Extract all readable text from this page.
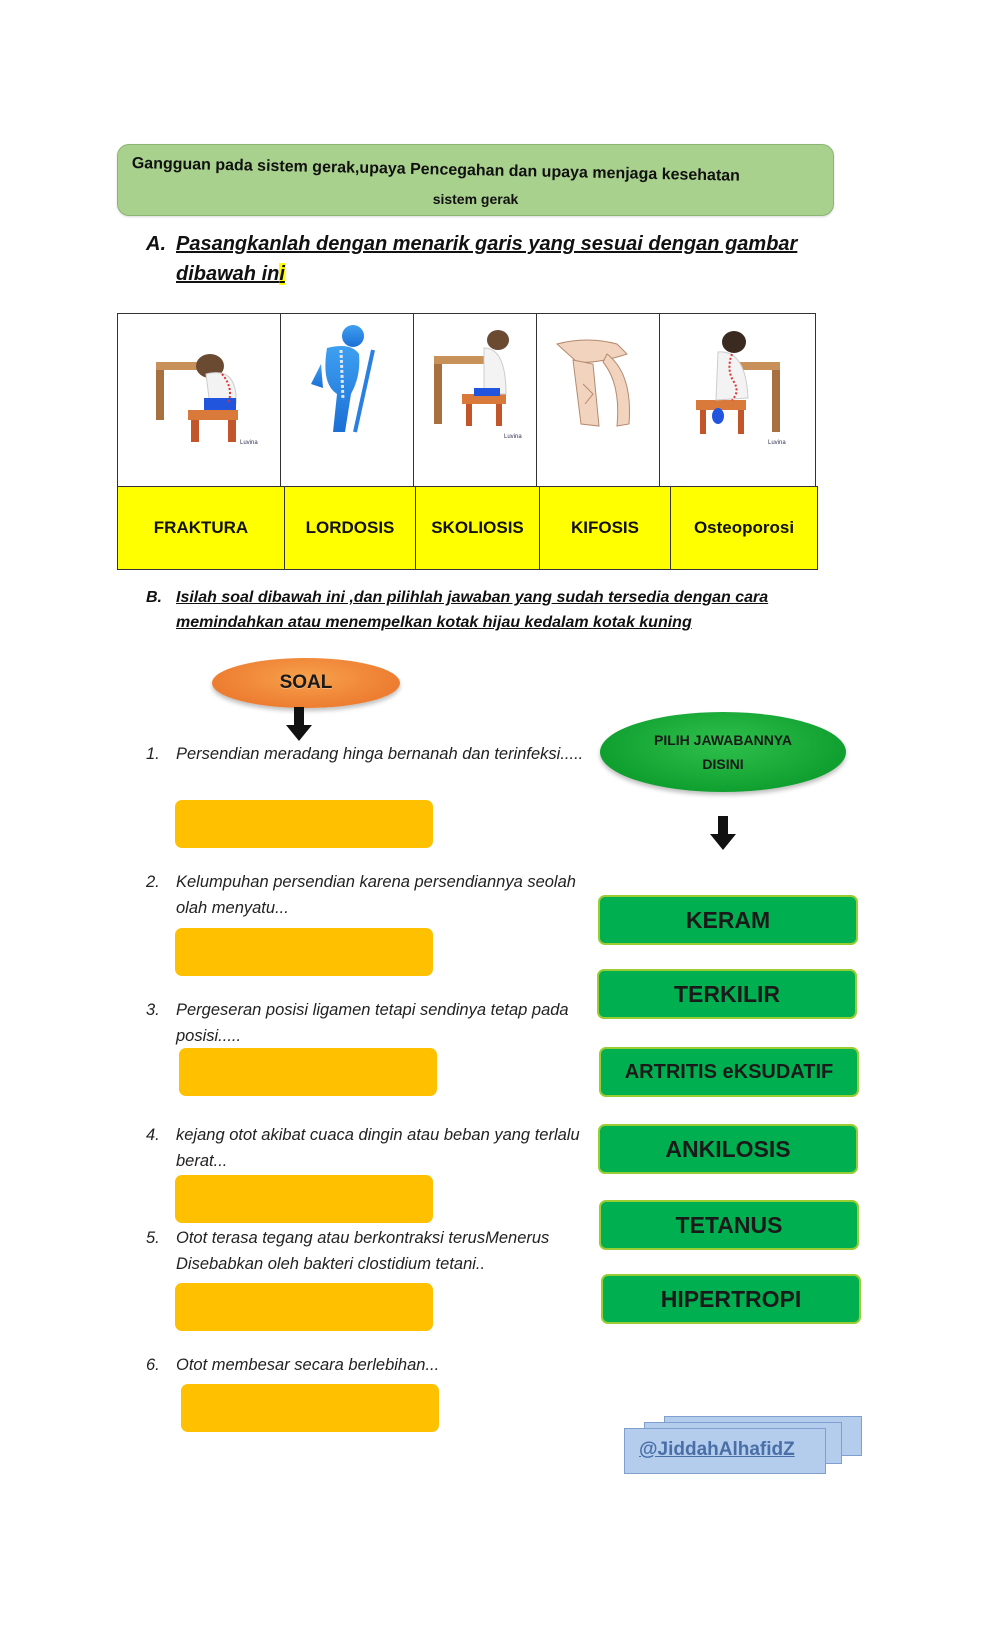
Gangguan pada sistem gerak,upaya Pencegahan dan upaya menjaga kesehatan
sistem gerak
A. Pasangkanlah dengan menarik garis yang sesuai dengan gambar dibawah ini
Luvina
Luvina
Luvina
FRAKTURA	LORDOSIS	SKOLIOSIS	KIFOSIS	Osteoporosi
B. Isilah soal dibawah ini ,dan pilihlah jawaban yang sudah tersedia dengan cara memindahkan atau menempelkan kotak hijau kedalam kotak kuning
SOAL
PILIH JAWABANNYA DISINI
1. Persendian meradang hinga bernanah dan terinfeksi.....
2. Kelumpuhan persendian karena persendiannya seolah olah menyatu...
3. Pergeseran posisi ligamen tetapi sendinya tetap pada posisi.....
4. kejang otot akibat cuaca dingin atau beban yang terlalu berat...
5. Otot terasa tegang atau berkontraksi terusMenerus Disebabkan oleh bakteri clostidium tetani..
6. Otot membesar secara berlebihan...
KERAM
TERKILIR
ARTRITIS eKSUDATIF
ANKILOSIS
TETANUS
HIPERTROPI
@JiddahAlhafidZ
